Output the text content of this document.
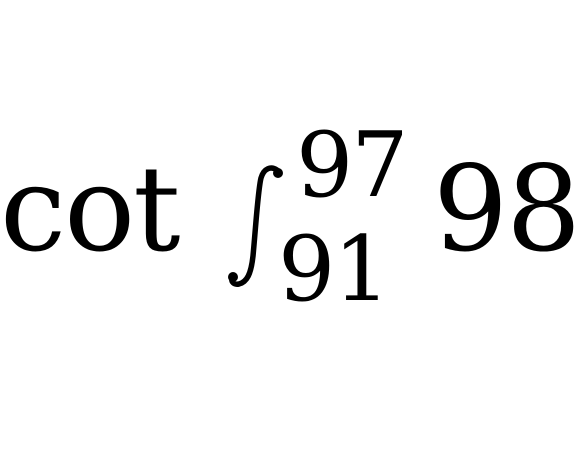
cot 97
91 98
